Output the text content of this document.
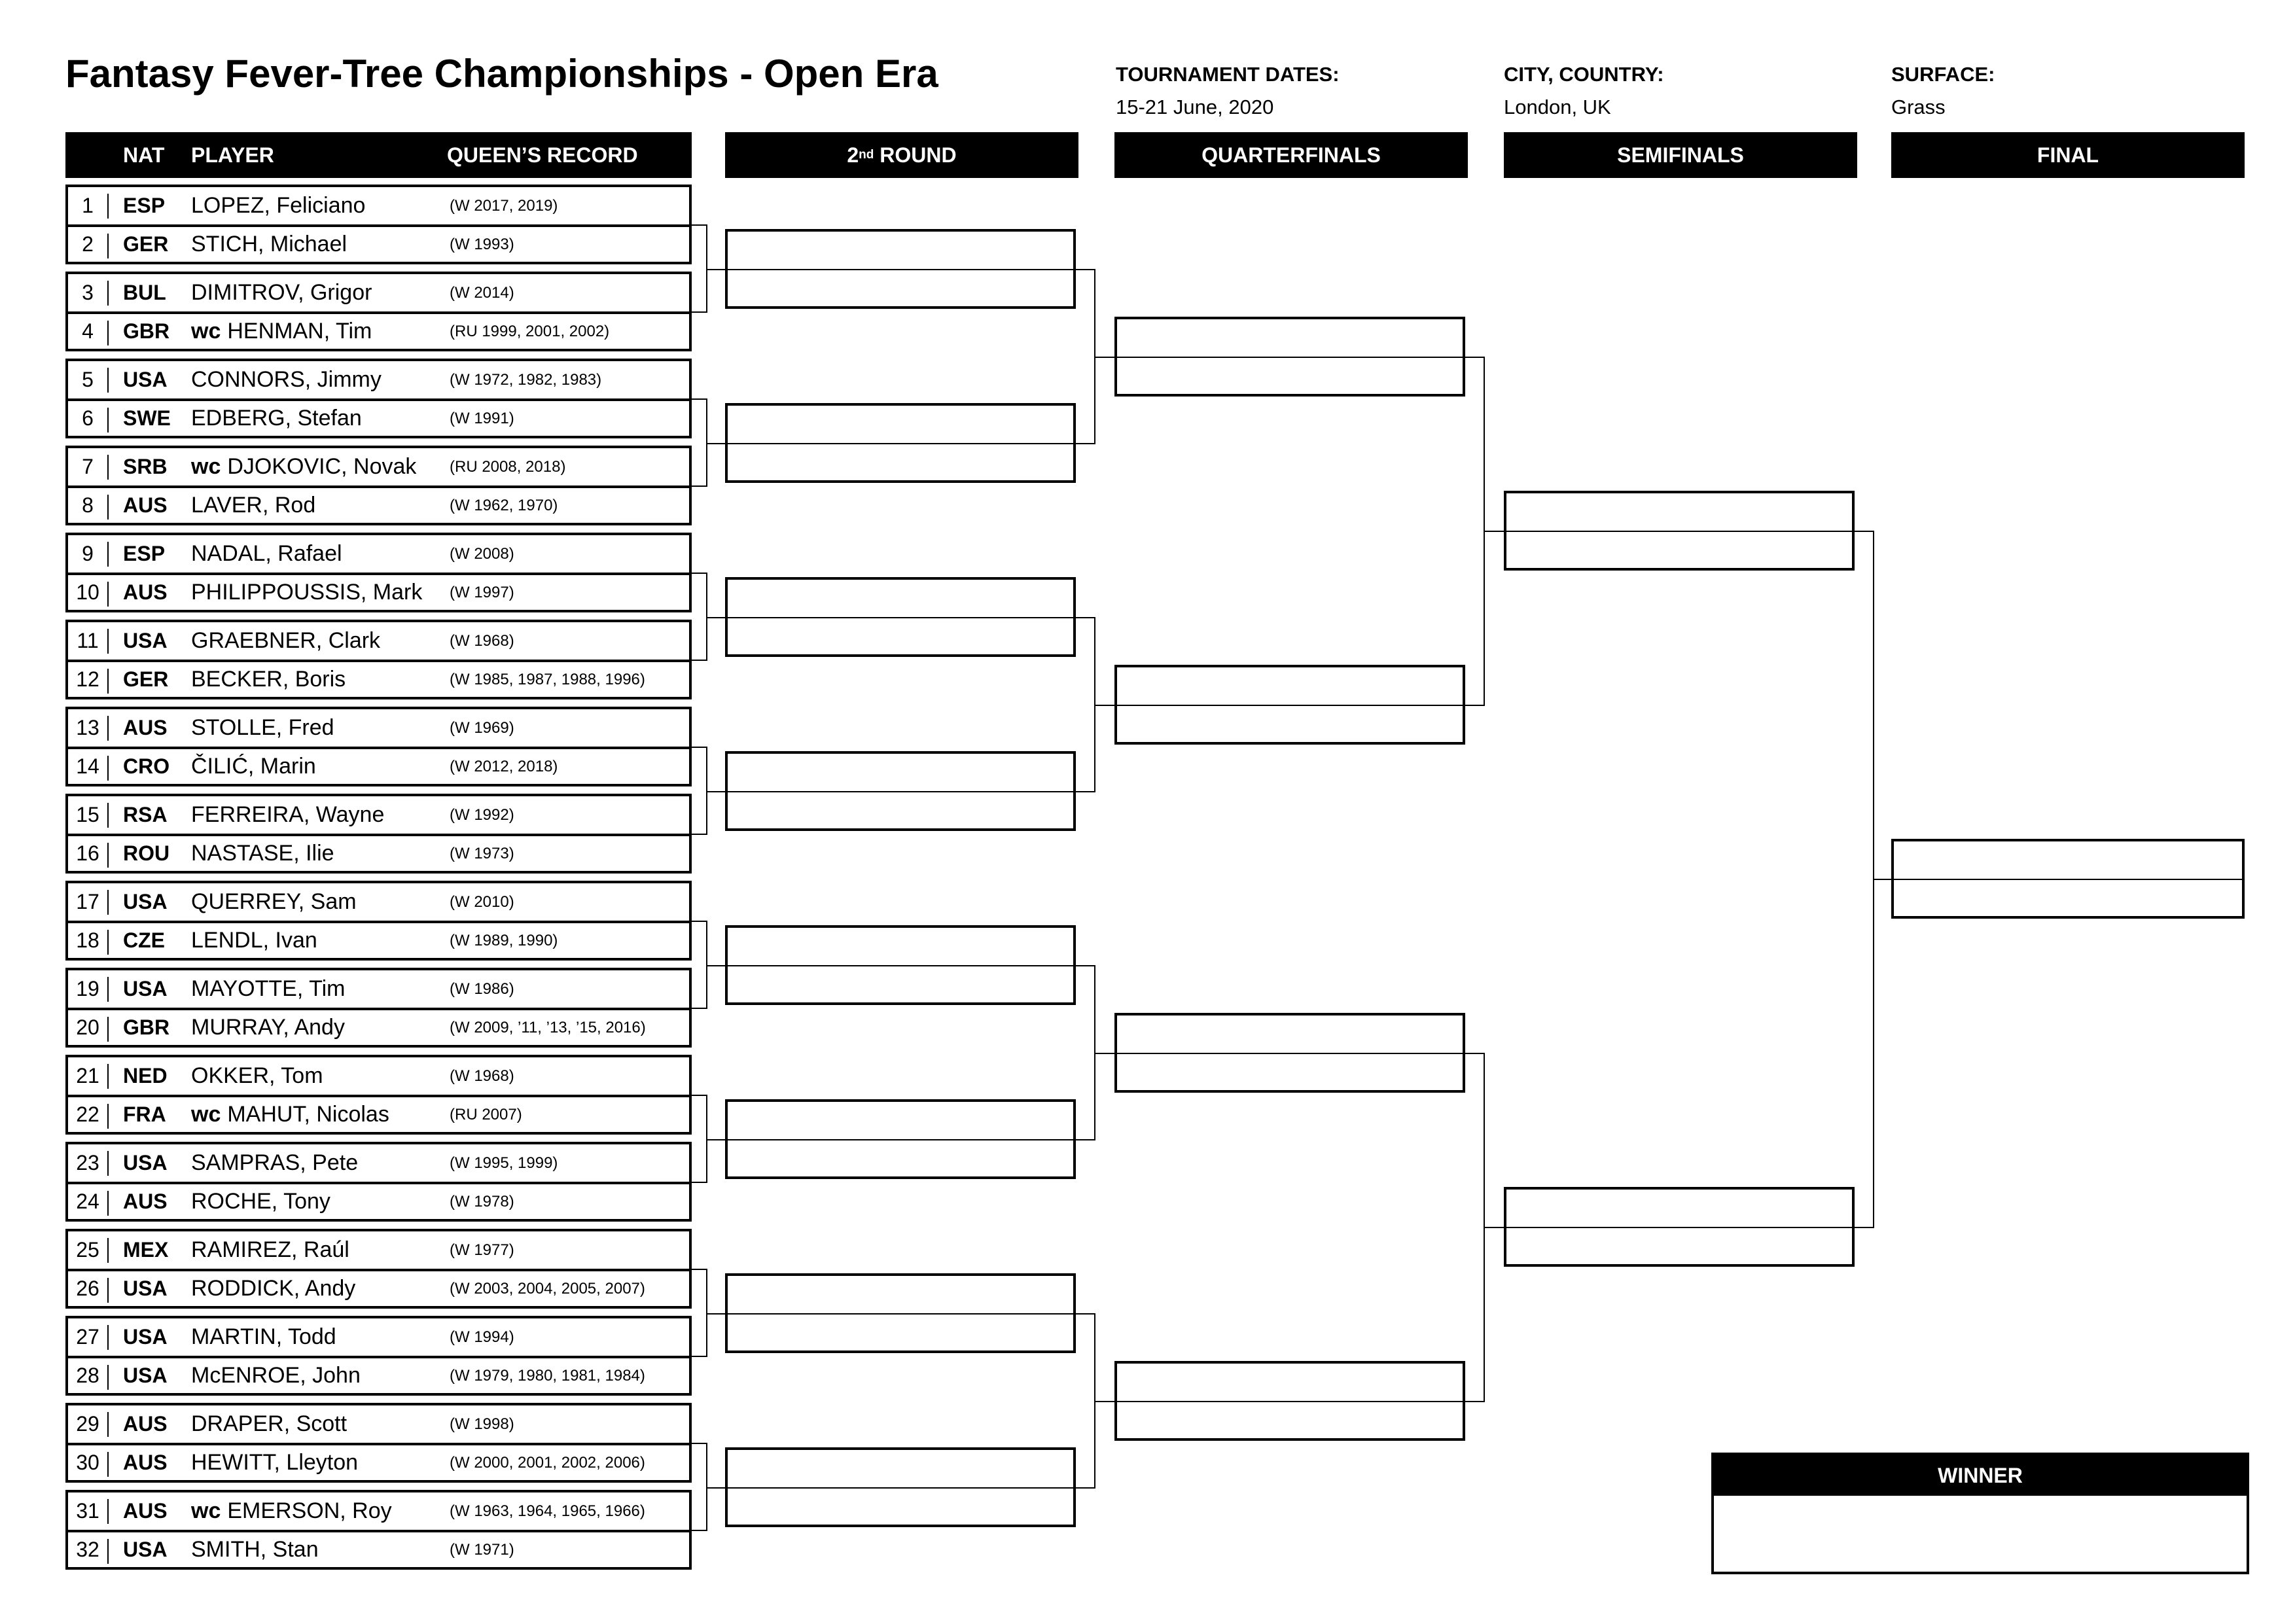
Fantasy Fever-Tree Championships - Open Era	TOURNAMENT DATES:
15-21 June, 2020
CITY, COUNTRY:
London, UK
SURFACE:
Grass
NAT PLAYER	QUEEN’S RECORD	2 nd ROUND	QUARTERFINALS	SEMIFINALS	FINAL
1	ESP LOPEZ, Feliciano	(W 2017, 2019)
2	GER STICH, Michael	(W 1993)
3	BUL DIMITROV, Grigor	(W 2014)
4	GBR wc HENMAN, Tim	(RU 1999, 2001, 2002)
5	USA CONNORS, Jimmy	(W 1972, 1982, 1983)
6	SWE EDBERG, Stefan	(W 1991)
7	SRB wc DJOKOVIC, Novak (RU 2008, 2018)
8	AUS LAVER, Rod	(W 1962, 1970)
9	ESP NADAL, Rafael	(W 2008)
10	AUS PHILIPPOUSSIS, Mark (W 1997)
11	USA GRAEBNER, Clark	(W 1968)
12	GER BECKER, Boris	(W 1985, 1987, 1988, 1996)
13	AUS STOLLE, Fred	(W 1969)
14	CRO ČILIĆ, Marin	(W 2012, 2018)
15	RSA FERREIRA, Wayne	(W 1992)
16	ROU NASTASE, Ilie	(W 1973)
17	USA QUERREY, Sam	(W 2010)
18	CZE LENDL, Ivan	(W 1989, 1990)
19	USA MAYOTTE, Tim	(W 1986)
20	GBR MURRAY, Andy	(W 2009, ’11, ’13, ’15, 2016)
21	NED OKKER, Tom	(W 1968)
22	FRA wc MAHUT, Nicolas	(RU 2007)
23	USA SAMPRAS, Pete	(W 1995, 1999)
24	AUS ROCHE, Tony	(W 1978)
25	MEX RAMIREZ, Raúl	(W 1977)
26	USA RODDICK, Andy	(W 2003, 2004, 2005, 2007)
27	USA MARTIN, Todd	(W 1994)
28	USA McENROE, John	(W 1979, 1980, 1981, 1984)
29	AUS DRAPER, Scott	(W 1998)
30	AUS HEWITT, Lleyton	(W 2000, 2001, 2002, 2006)
31	AUS wc EMERSON, Roy	(W 1963, 1964, 1965, 1966)
32	USA SMITH, Stan	(W 1971)
WINNER
